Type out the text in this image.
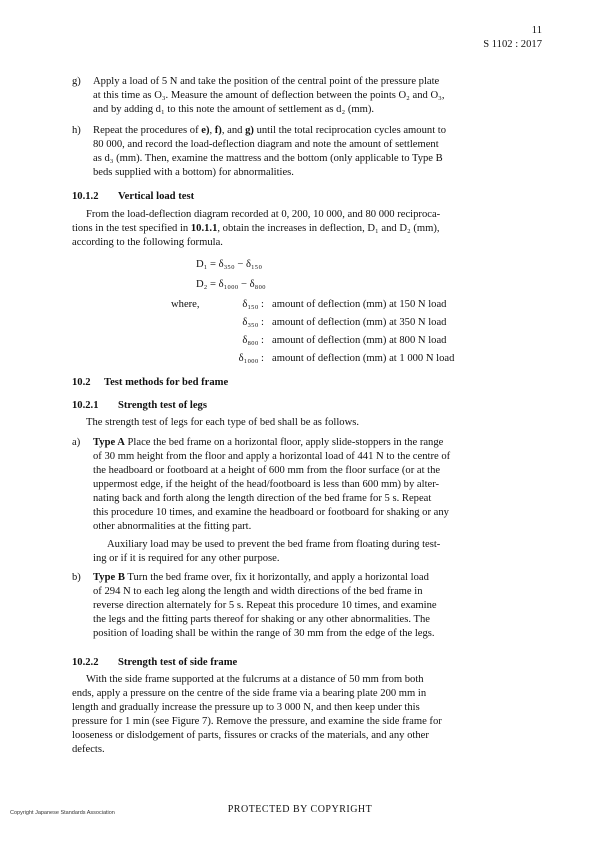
11
S 1102 : 2017
g) Apply a load of 5 N and take the position of the central point of the pressure plate
at this time as O₃. Measure the amount of deflection between the points O₂ and O₃,
and by adding d₁ to this note the amount of settlement as d₂ (mm).
h) Repeat the procedures of e), f), and g) until the total reciprocation cycles amount to
80 000, and record the load-deflection diagram and note the amount of settlement
as d₃ (mm). Then, examine the mattress and the bottom (only applicable to Type B
beds supplied with a bottom) for abnormalities.
10.1.2 Vertical load test
From the load-deflection diagram recorded at 0, 200, 10 000, and 80 000 reciproca-
tions in the test specified in 10.1.1, obtain the increases in deflection, D₁ and D₂ (mm),
according to the following formula.
D₁ = δ₃₅₀ − δ₁₅₀
D₂ = δ₁₀₀₀ − δ₈₀₀
where,	δ₁₅₀ : amount of deflection (mm) at 150 N load
δ₃₅₀ : amount of deflection (mm) at 350 N load
δ₈₀₀ : amount of deflection (mm) at 800 N load
δ₁₀₀₀ : amount of deflection (mm) at 1 000 N load
10.2 Test methods for bed frame
10.2.1 Strength test of legs
The strength test of legs for each type of bed shall be as follows.
a) Type A Place the bed frame on a horizontal floor, apply slide-stoppers in the range
of 30 mm height from the floor and apply a horizontal load of 441 N to the centre of
the headboard or footboard at a height of 600 mm from the floor surface (or at the
uppermost edge, if the height of the head/footboard is less than 600 mm) by alter-
nating back and forth along the length direction of the bed frame for 5 s. Repeat
this procedure 10 times, and examine the headboard or footboard for shaking or any
other abnormalities at the fitting part.
Auxiliary load may be used to prevent the bed frame from floating during test-
ing or if it is required for any other purpose.
b) Type B Turn the bed frame over, fix it horizontally, and apply a horizontal load
of 294 N to each leg along the length and width directions of the bed frame in
reverse direction alternately for 5 s. Repeat this procedure 10 times, and examine
the legs and the fitting parts thereof for shaking or any other abnormalities. The
position of loading shall be within the range of 30 mm from the edge of the legs.
10.2.2 Strength test of side frame
With the side frame supported at the fulcrums at a distance of 50 mm from both
ends, apply a pressure on the centre of the side frame via a bearing plate 200 mm in
length and gradually increase the pressure up to 3 000 N, and then keep under this
pressure for 1 min (see Figure 7). Remove the pressure, and examine the side frame for
looseness or dislodgement of parts, fissures or cracks of the materials, and any other
defects.
Copyright Japanese Standards Association	PROTECTED BY COPYRIGHT
